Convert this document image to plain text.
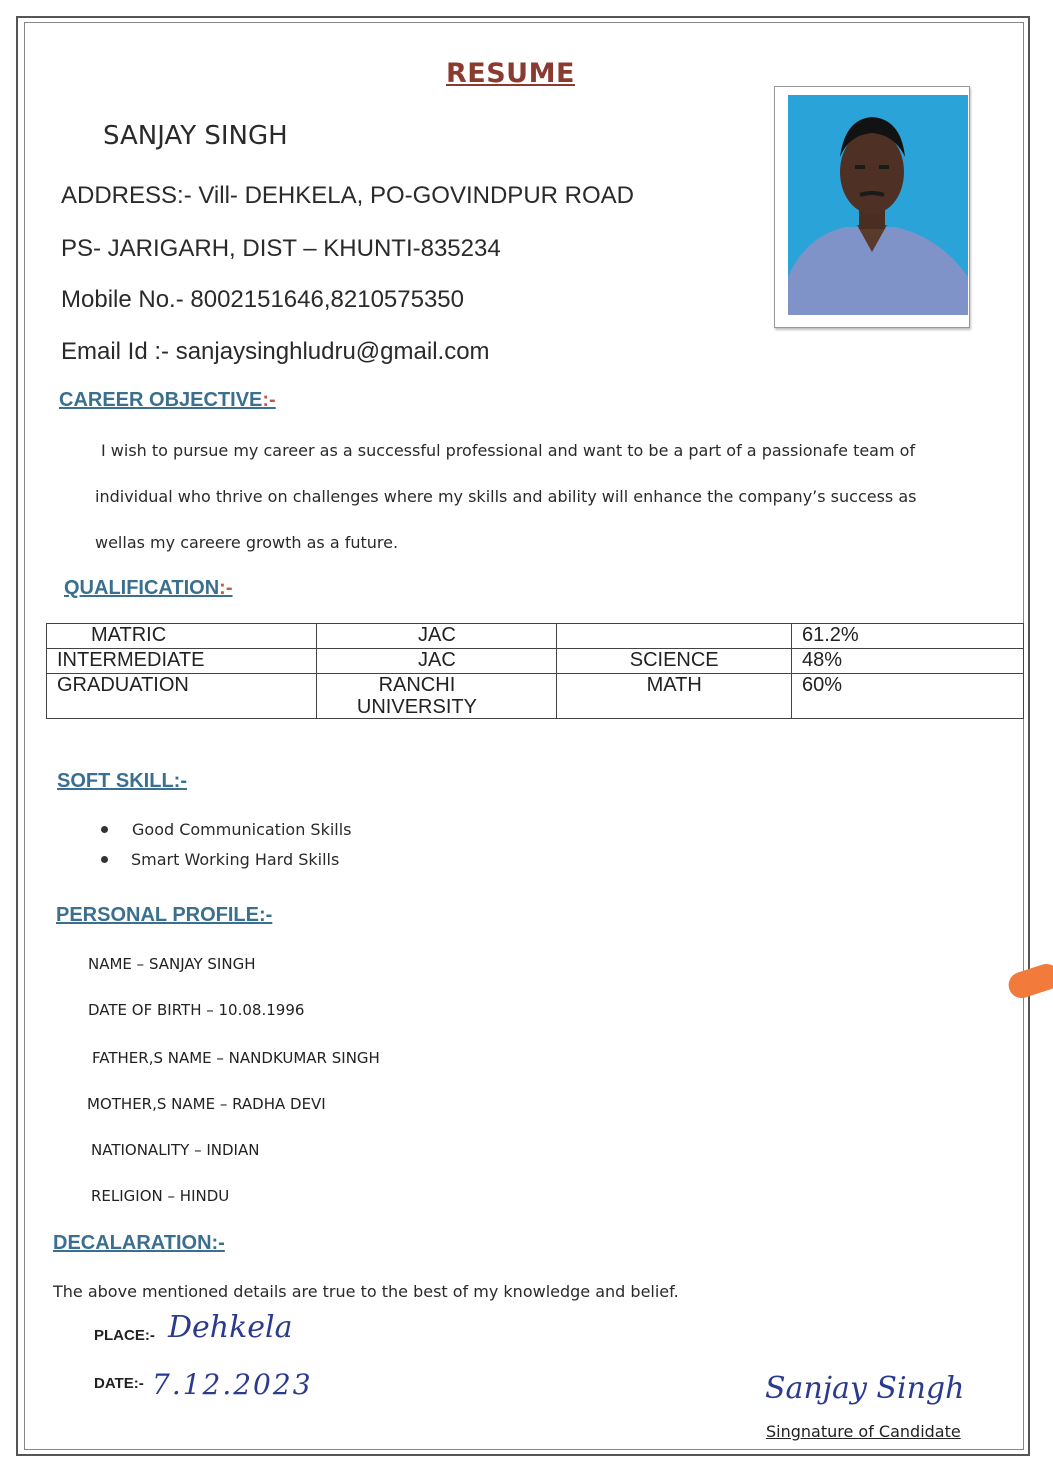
RESUME
SANJAY SINGH
ADDRESS:- Vill- DEHKELA, PO-GOVINDPUR ROAD
PS- JARIGARH, DIST – KHUNTI-835234
Mobile No.- 8002151646,8210575350
Email Id :- sanjaysinghludru@gmail.com
CAREER OBJECTIVE:-
I wish to pursue my career as a successful professional and want to be a part of a passionafe team of
individual who thrive on challenges where my skills and ability will enhance the company’s success as
wellas my careere growth as a future.
QUALIFICATION:-
MATRIC	JAC		61.2%
INTERMEDIATE	JAC	SCIENCE	48%
GRADUATION	RANCHI UNIVERSITY	MATH	60%
SOFT SKILL:-
Good Communication Skills
Smart Working Hard Skills
PERSONAL PROFILE:-
NAME – SANJAY SINGH
DATE OF BIRTH – 10.08.1996
FATHER,S NAME – NANDKUMAR SINGH
MOTHER,S NAME – RADHA DEVI
NATIONALITY – INDIAN
RELIGION – HINDU
DECALARATION:-
The above mentioned details are true to the best of my knowledge and belief.
PLACE:- Dehkela
DATE:- 7.12.2023	Sanjay Singh
Singnature of Candidate
